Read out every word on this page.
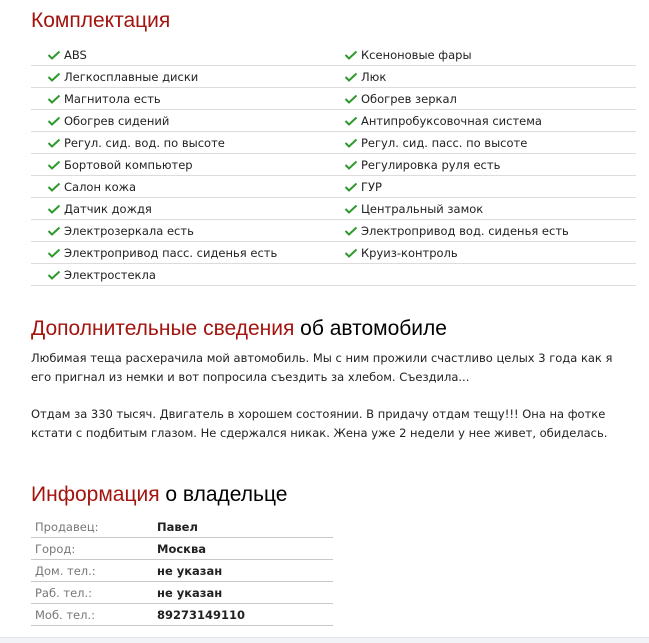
Комплектация
ABS	Ксеноновые фары
Легкосплавные диски	Люк
Магнитола есть	Обогрев зеркал
Обогрев сидений	Антипробуксовочная система
Регул. сид. вод. по высоте	Регул. сид. пасс. по высоте
Бортовой компьютер	Регулировка руля есть
Салон кожа	ГУР
Датчик дождя	Центральный замок
Электрозеркала есть	Электропривод вод. сиденья есть
Электропривод пасс. сиденья есть	Круиз-контроль
Электростекла
Дополнительные сведения об автомобиле

Любимая теща расхерачила мой автомобиль. Мы с ним прожили счастливо целых 3 года как я его пригнал из немки и вот попросила съездить за хлебом. Съездила...

Отдам за 330 тысяч. Двигатель в хорошем состоянии. В придачу отдам тещу!!! Она на фотке кстати с подбитым глазом. Не сдержался никак. Жена уже 2 недели у нее живет, обиделась.

Информация о владельце
Продавец:	Павел
Город:	Москва
Дом. тел.:	не указан
Раб. тел.:	не указан
Моб. тел.:	89273149110
